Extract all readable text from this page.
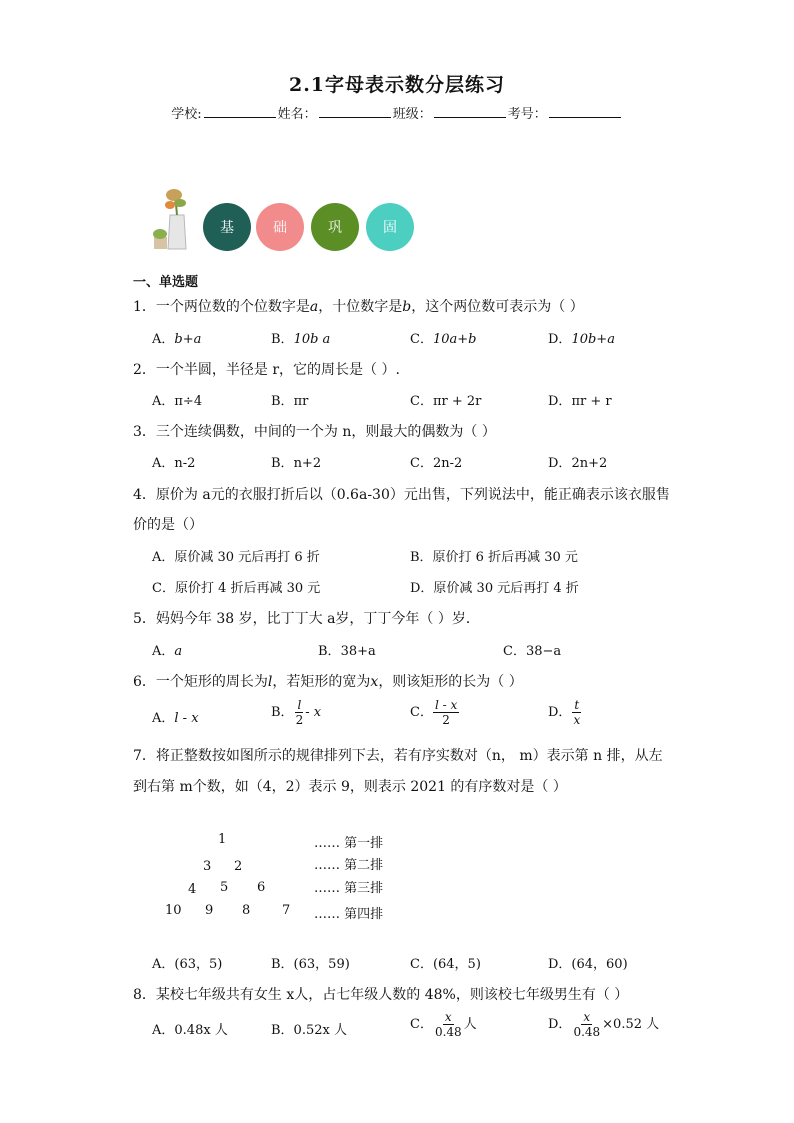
2.1字母表示数分层练习
学校:	姓名：	班级：	考号：
基	础	巩	固
一、单选题
1．一个两位数的个位数字是a，十位数字是b，这个两位数可表示为（ ）
A．b+a	B．10b a	C．10a+b	D．10b+a
2．一个半圆，半径是 r，它的周长是（ ）.
A．π÷4	B．πr	C．πr + 2r	D．πr + r
3．三个连续偶数，中间的一个为 n，则最大的偶数为（ ）
A．n-2	B．n+2	C．2n-2	D．2n+2
4．原价为 a元的衣服打折后以（0.6a-30）元出售，下列说法中，能正确表示该衣服售
价的是（）
A．原价减 30 元后再打 6 折	B．原价打 6 折后再减 30 元
C．原价打 4 折后再减 30 元	D．原价减 30 元后再打 4 折
5．妈妈今年 38 岁，比丁丁大 a岁，丁丁今年（ ）岁．
A．a	B．38+a	C．38−a
6．一个矩形的周长为l，若矩形的宽为x，则该矩形的长为（ ）
A．l - x	B． $\frac{l}{2}$ - x	C． $\frac{l - x}{2}$	D． $\frac{t}{x}$
7．将正整数按如图所示的规律排列下去，若有序实数对（n， m）表示第 n 排，从左
到右第 m个数，如（4，2）表示 9，则表示 2021 的有序数对是（ ）
1
3 2
4 5 6
10 9 8 7
…… 第一排
…… 第二排
…… 第三排
…… 第四排
A．(63，5)	B．(63，59)	C．(64，5)	D．(64，60)
8．某校七年级共有女生 x人，占七年级人数的 48%，则该校七年级男生有（ ）
A．0.48x 人	B．0.52x 人	C． $\frac{x}{0.48}$ 人	D． $\frac{x}{0.48} \times 0.52$ 人
